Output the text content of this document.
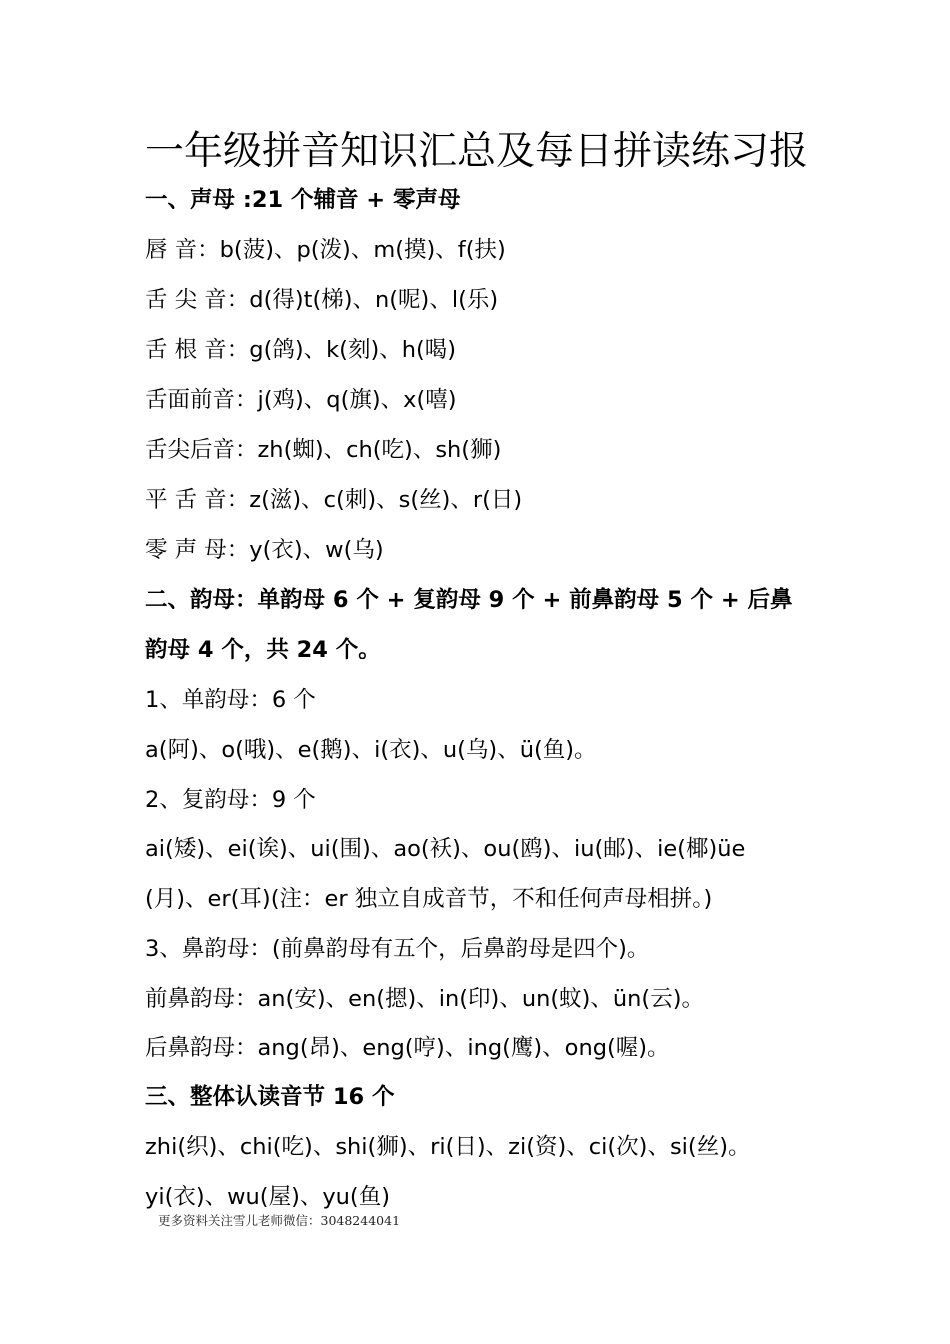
一年级拼音知识汇总及每日拼读练习报
一、声母 :21 个辅音 + 零声母
唇 音：b(菠)、p(泼)、m(摸)、f(扶)
舌 尖 音：d(得)t(梯)、n(呢)、l(乐)
舌 根 音：g(鸽)、k(刻)、h(喝)
舌面前音：j(鸡)、q(旗)、x(嘻)
舌尖后音：zh(蜘)、ch(吃)、sh(狮)
平 舌 音：z(滋)、c(刺)、s(丝)、r(日)
零 声 母：y(衣)、w(乌)
二、韵母：单韵母 6 个 + 复韵母 9 个 + 前鼻韵母 5 个 + 后鼻
韵母 4 个，共 24 个。
1、单韵母：6 个
a(阿)、o(哦)、e(鹅)、i(衣)、u(乌)、ü(鱼)。
2、复韵母：9 个
ai(矮)、ei(诶)、ui(围)、ao(袄)、ou(鸥)、iu(邮)、ie(椰)üe
(月)、er(耳)(注：er 独立自成音节，不和任何声母相拼。)
3、鼻韵母：(前鼻韵母有五个，后鼻韵母是四个)。
前鼻韵母：an(安)、en(摁)、in(印)、un(蚊)、ün(云)。
后鼻韵母：ang(昂)、eng(哼)、ing(鹰)、ong(喔)。
三、整体认读音节 16 个
zhi(织)、chi(吃)、shi(狮)、ri(日)、zi(资)、ci(次)、si(丝)。
yi(衣)、wu(屋)、yu(鱼)
更多资料关注雪儿老师微信：3048244041
